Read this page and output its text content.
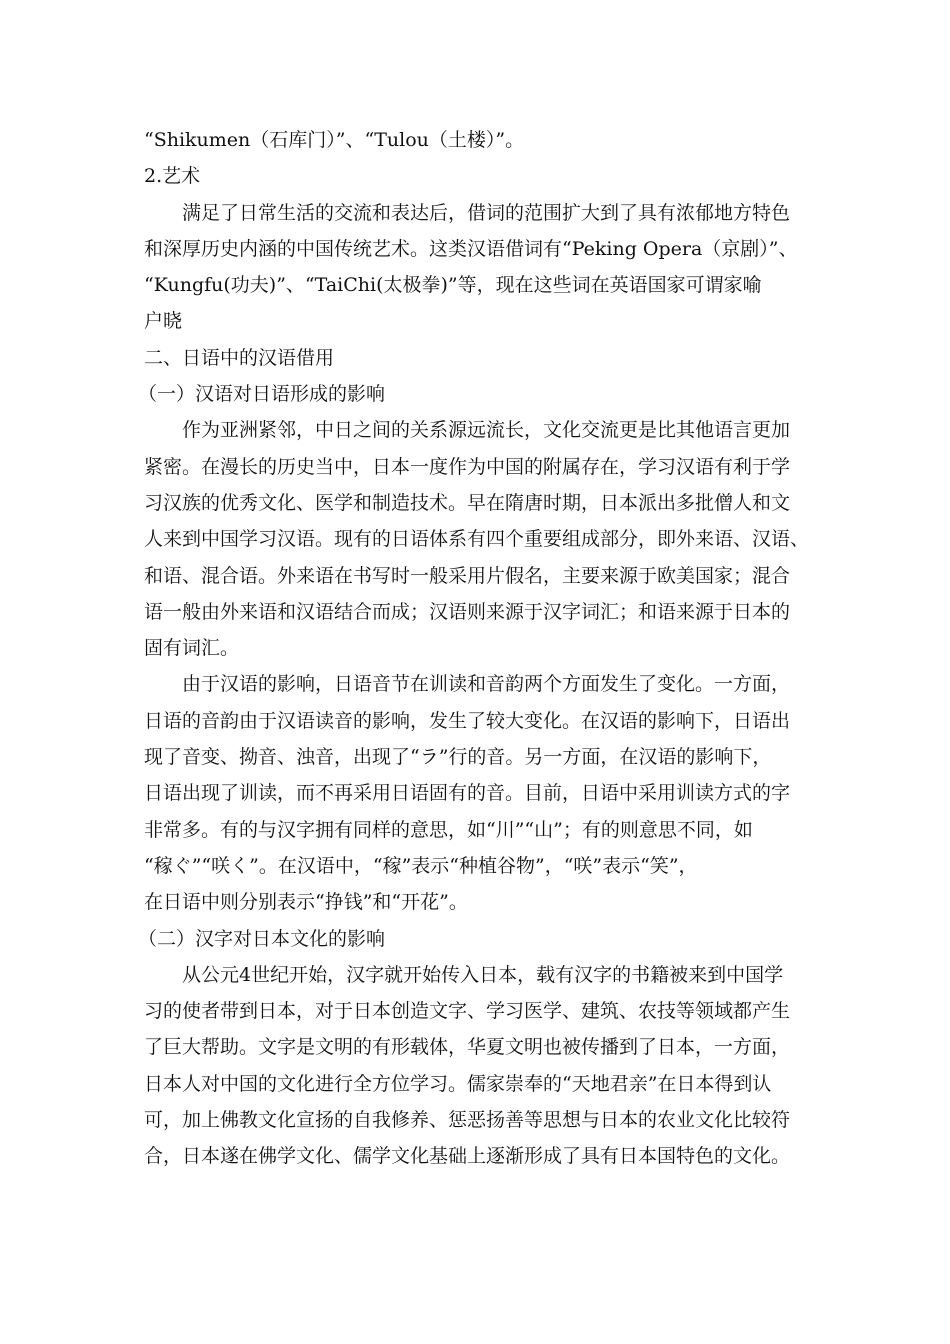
“Shikumen（石库门）”、“Tulou（土楼）”。
2.艺术
满足了日常生活的交流和表达后，借词的范围扩大到了具有浓郁地方特色
和深厚历史内涵的中国传统艺术。这类汉语借词有“Peking Opera（京剧）”、
“Kungfu(功夫)”、“TaiChi(太极拳)”等，现在这些词在英语国家可谓家喻
户晓
二、日语中的汉语借用
（一）汉语对日语形成的影响
作为亚洲紧邻，中日之间的关系源远流长，文化交流更是比其他语言更加
紧密。在漫长的历史当中，日本一度作为中国的附属存在，学习汉语有利于学
习汉族的优秀文化、医学和制造技术。早在隋唐时期，日本派出多批僧人和文
人来到中国学习汉语。现有的日语体系有四个重要组成部分，即外来语、汉语、
和语、混合语。外来语在书写时一般采用片假名，主要来源于欧美国家；混合
语一般由外来语和汉语结合而成；汉语则来源于汉字词汇；和语来源于日本的
固有词汇。
由于汉语的影响，日语音节在训读和音韵两个方面发生了变化。一方面，
日语的音韵由于汉语读音的影响，发生了较大变化。在汉语的影响下，日语出
现了音变、拗音、浊音，出现了“ラ”行的音。另一方面，在汉语的影响下，
日语出现了训读，而不再采用日语固有的音。目前，日语中采用训读方式的字
非常多。有的与汉字拥有同样的意思，如“川”“山”；有的则意思不同，如
“稼ぐ”“咲く”。在汉语中，“稼”表示“种植谷物”，“咲”表示“笑”，
在日语中则分别表示“挣钱”和“开花”。
（二）汉字对日本文化的影响
从公元4世纪开始，汉字就开始传入日本，载有汉字的书籍被来到中国学
习的使者带到日本，对于日本创造文字、学习医学、建筑、农技等领域都产生
了巨大帮助。文字是文明的有形载体，华夏文明也被传播到了日本，一方面，
日本人对中国的文化进行全方位学习。儒家崇奉的“天地君亲”在日本得到认
可，加上佛教文化宣扬的自我修养、惩恶扬善等思想与日本的农业文化比较符
合，日本遂在佛学文化、儒学文化基础上逐渐形成了具有日本国特色的文化。
